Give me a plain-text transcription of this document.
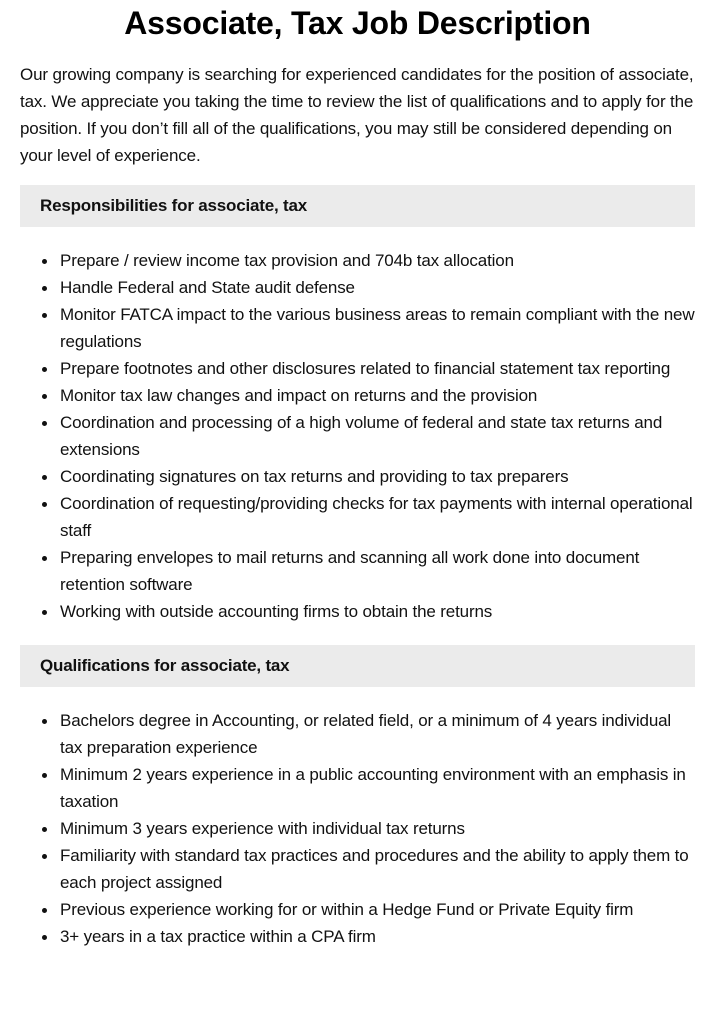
Associate, Tax Job Description

Our growing company is searching for experienced candidates for the position of associate, tax. We appreciate you taking the time to review the list of qualifications and to apply for the position. If you don’t fill all of the qualifications, you may still be considered depending on your level of experience.

Responsibilities for associate, tax
Prepare / review income tax provision and 704b tax allocation
Handle Federal and State audit defense
Monitor FATCA impact to the various business areas to remain compliant with the new regulations
Prepare footnotes and other disclosures related to financial statement tax reporting
Monitor tax law changes and impact on returns and the provision
Coordination and processing of a high volume of federal and state tax returns and extensions
Coordinating signatures on tax returns and providing to tax preparers
Coordination of requesting/providing checks for tax payments with internal operational staff
Preparing envelopes to mail returns and scanning all work done into document retention software
Working with outside accounting firms to obtain the returns
Qualifications for associate, tax
Bachelors degree in Accounting, or related field, or a minimum of 4 years individual tax preparation experience
Minimum 2 years experience in a public accounting environment with an emphasis in taxation
Minimum 3 years experience with individual tax returns
Familiarity with standard tax practices and procedures and the ability to apply them to each project assigned
Previous experience working for or within a Hedge Fund or Private Equity firm
3+ years in a tax practice within a CPA firm
